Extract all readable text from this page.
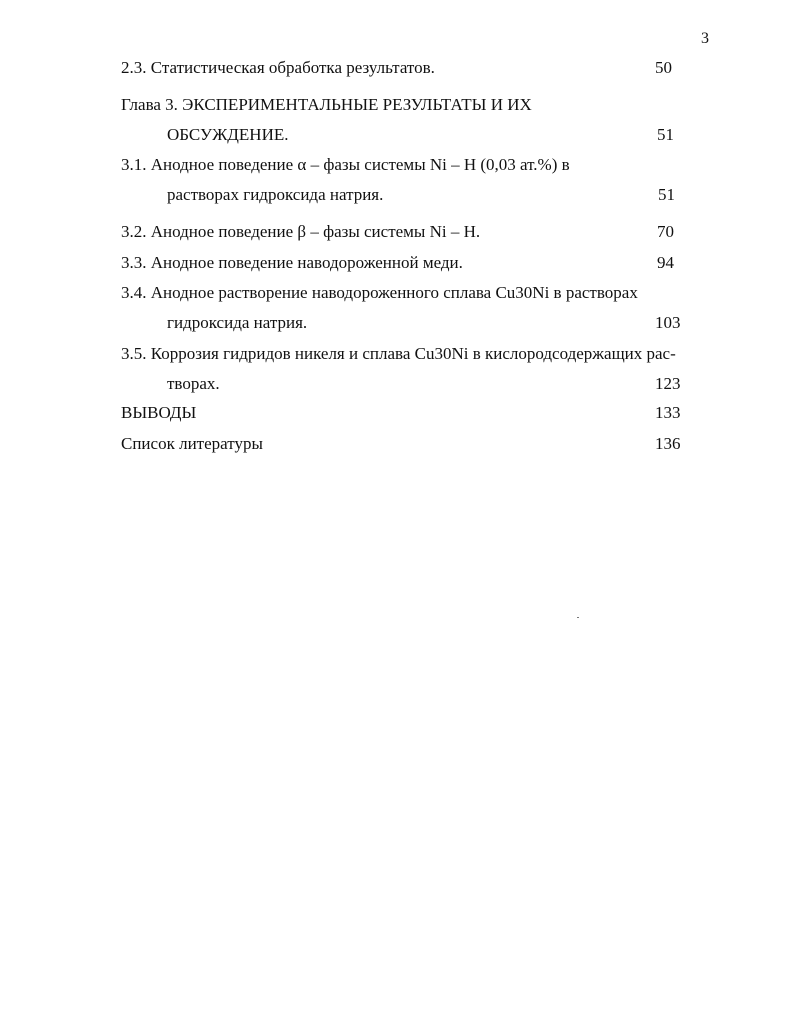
3
2.3. Статистическая обработка результатов.	50
Глава 3. ЭКСПЕРИМЕНТАЛЬНЫЕ РЕЗУЛЬТАТЫ И ИХ
ОБСУЖДЕНИЕ.	51
3.1. Анодное поведение α – фазы системы Ni – H (0,03 ат.%) в
растворах гидроксида натрия.	51
3.2. Анодное поведение β – фазы системы Ni – H.	70
3.3. Анодное поведение наводороженной меди.	94
3.4. Анодное растворение наводороженного сплава Cu30Ni в растворах
гидроксида натрия.	103
3.5. Коррозия гидридов никеля и сплава Cu30Ni в кислородсодержащих рас-
творах.	123
ВЫВОДЫ	133
Список литературы	136
